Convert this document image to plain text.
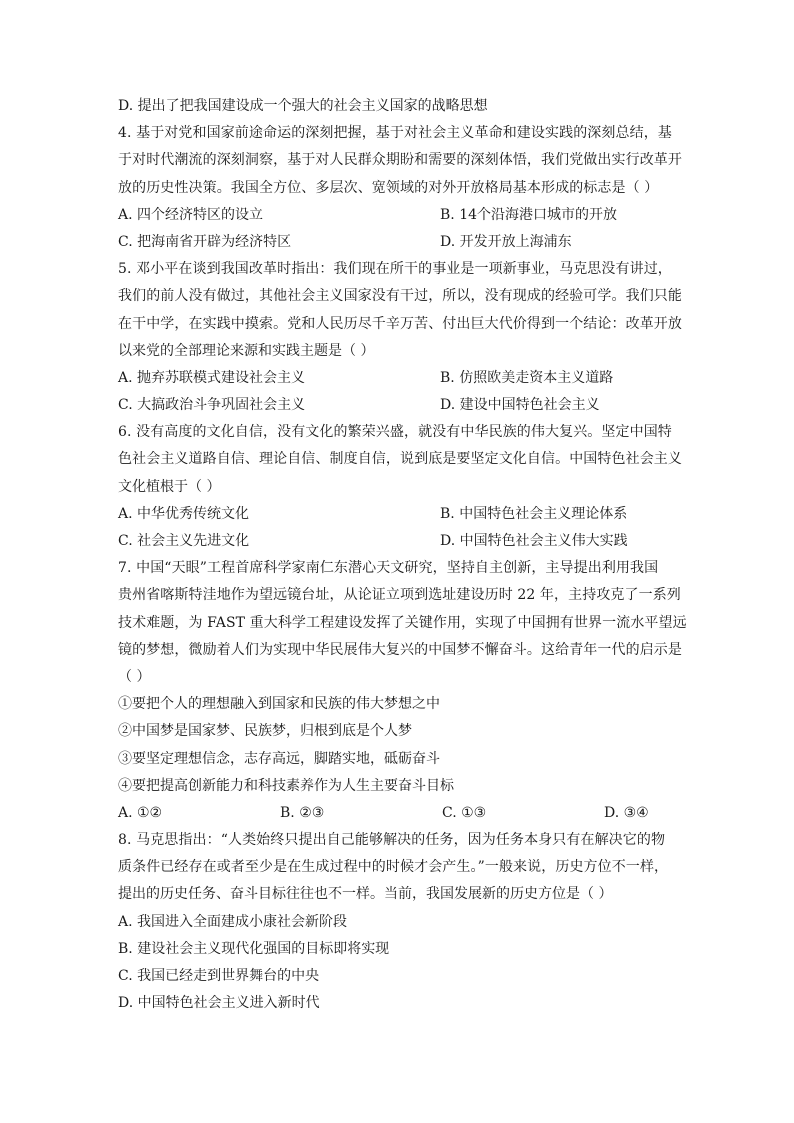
D. 提出了把我国建设成一个强大的社会主义国家的战略思想
4. 基于对党和国家前途命运的深刻把握，基于对社会主义革命和建设实践的深刻总结，基
于对时代潮流的深刻洞察，基于对人民群众期盼和需要的深刻体悟，我们党做出实行改革开
放的历史性决策。我国全方位、多层次、宽领域的对外开放格局基本形成的标志是（ ）
A. 四个经济特区的设立	B. 14个沿海港口城市的开放
C. 把海南省开辟为经济特区	D. 开发开放上海浦东
5. 邓小平在谈到我国改革时指出：我们现在所干的事业是一项新事业，马克思没有讲过，
我们的前人没有做过，其他社会主义国家没有干过，所以，没有现成的经验可学。我们只能
在干中学，在实践中摸索。党和人民历尽千辛万苦、付出巨大代价得到一个结论：改革开放
以来党的全部理论来源和实践主题是（ ）
A. 抛弃苏联模式建设社会主义	B. 仿照欧美走资本主义道路
C. 大搞政治斗争巩固社会主义	D. 建设中国特色社会主义
6. 没有高度的文化自信，没有文化的繁荣兴盛，就没有中华民族的伟大复兴。坚定中国特
色社会主义道路自信、理论自信、制度自信，说到底是要坚定文化自信。中国特色社会主义
文化植根于（ ）
A. 中华优秀传统文化	B. 中国特色社会主义理论体系
C. 社会主义先进文化	D. 中国特色社会主义伟大实践
7. 中国“天眼”工程首席科学家南仁东潜心天文研究，坚持自主创新，主导提出利用我国
贵州省喀斯特洼地作为望远镜台址，从论证立项到选址建设历时 22 年，主持攻克了一系列
技术难题，为 FAST 重大科学工程建设发挥了关键作用，实现了中国拥有世界一流水平望远
镜的梦想，微励着人们为实现中华民展伟大复兴的中国梦不懈奋斗。这给青年一代的启示是
（ ）
①要把个人的理想融入到国家和民族的伟大梦想之中
②中国梦是国家梦、民族梦，归根到底是个人梦
③要坚定理想信念，志存高远，脚踏实地，砥砺奋斗
④要把提高创新能力和科技素养作为人生主要奋斗目标
A. ①②	B. ②③	C. ①③	D. ③④
8. 马克思指出：“人类始终只提出自己能够解决的任务，因为任务本身只有在解决它的物
质条件已经存在或者至少是在生成过程中的时候才会产生。”一般来说，历史方位不一样，
提出的历史任务、奋斗目标往往也不一样。当前，我国发展新的历史方位是（ ）
A. 我国进入全面建成小康社会新阶段
B. 建设社会主义现代化强国的目标即将实现
C. 我国已经走到世界舞台的中央
D. 中国特色社会主义进入新时代
